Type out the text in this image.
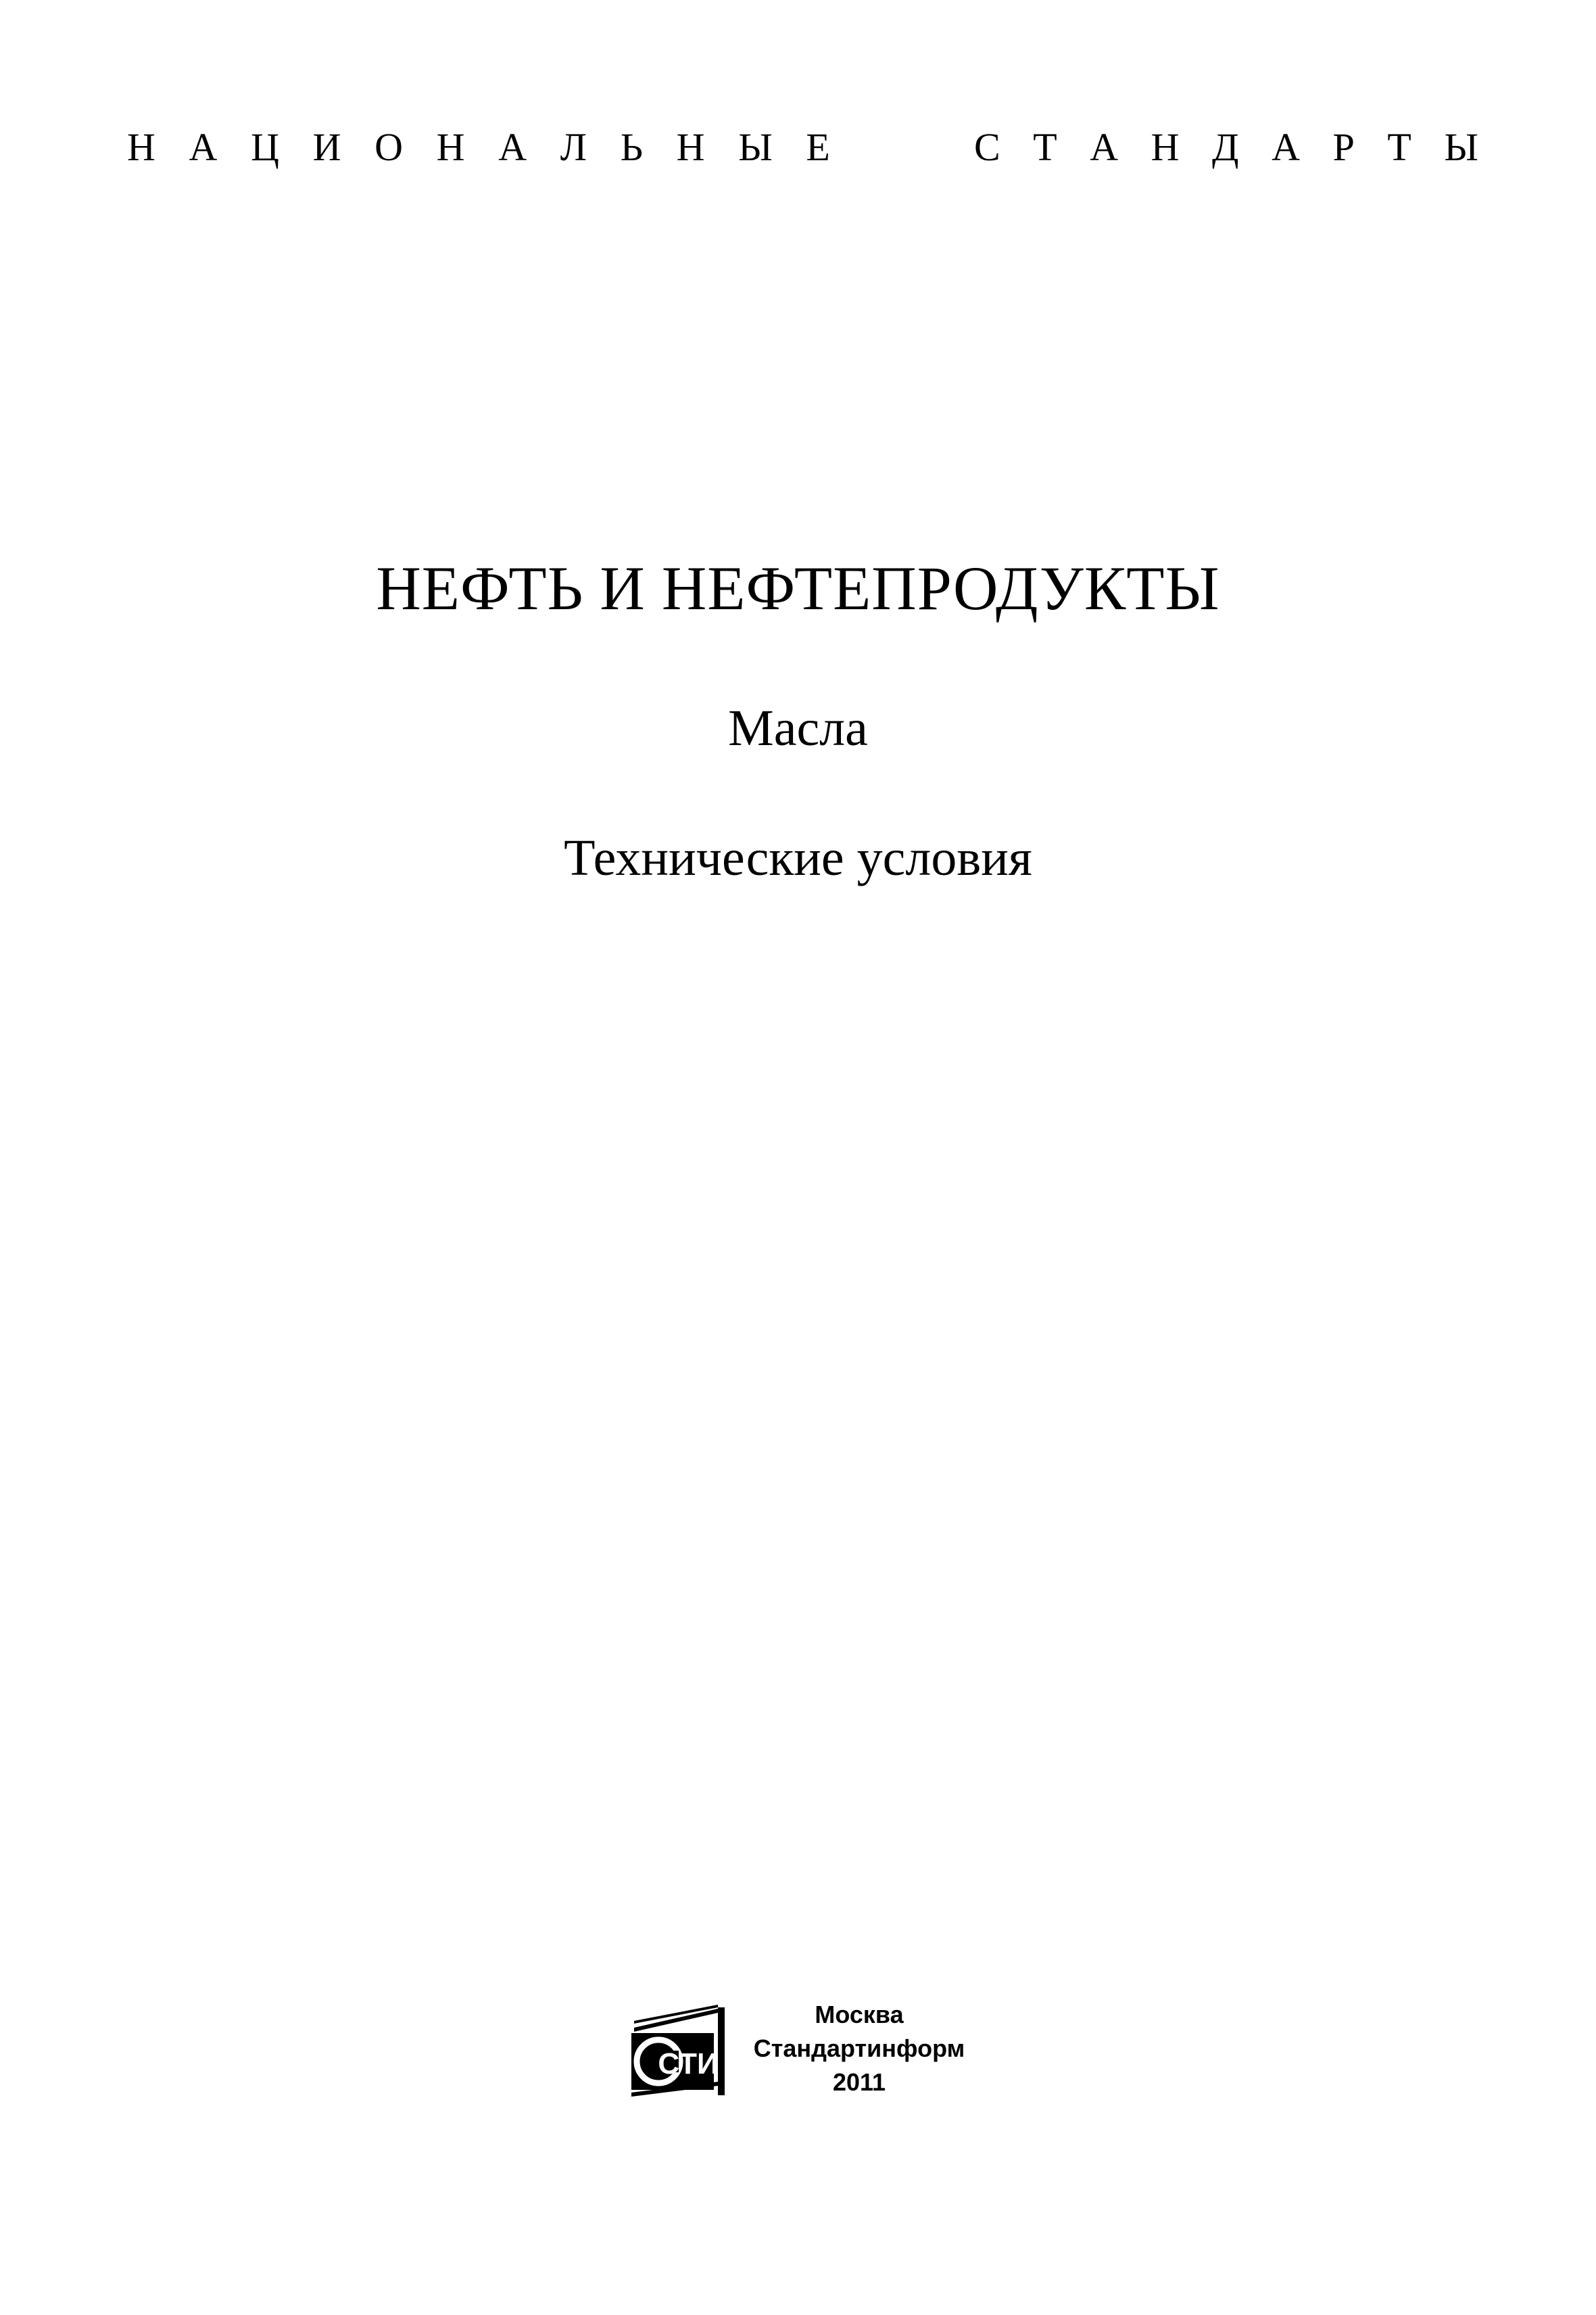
Н А Ц И О Н А Л Ь Н Ы Е	С Т А Н Д А Р Т Ы
НЕФТЬ И НЕФТЕПРОДУКТЫ
Масла
Технические условия
СТИ
Москва
Стандартинформ
2011
